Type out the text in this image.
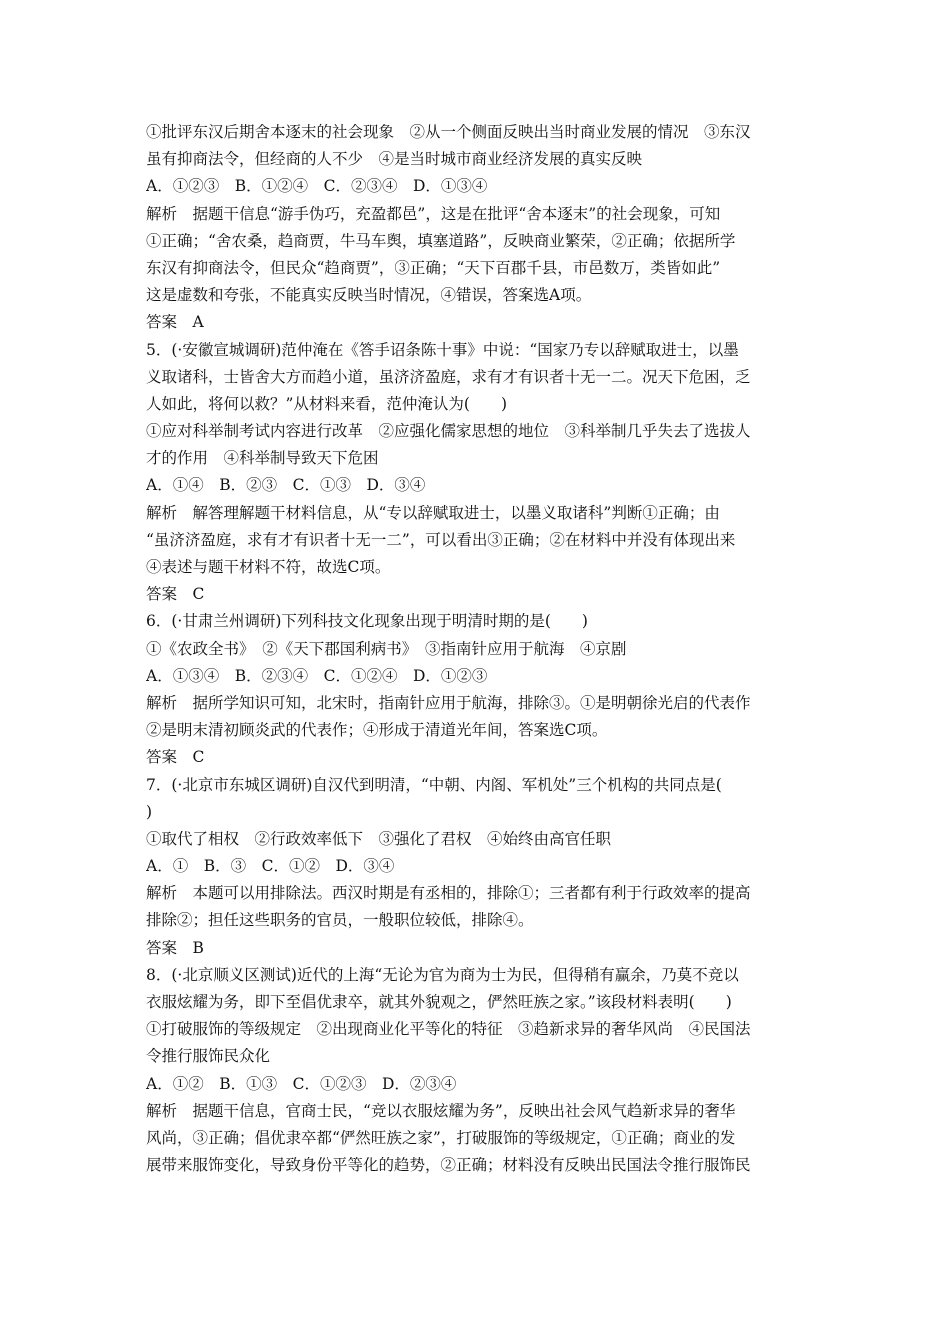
①批评东汉后期舍本逐末的社会现象　②从一个侧面反映出当时商业发展的情况　③东汉
虽有抑商法令，但经商的人不少　④是当时城市商业经济发展的真实反映
A．①②③　B．①②④　C．②③④　D．①③④
解析　据题干信息“游手伪巧，充盈都邑”，这是在批评“舍本逐末”的社会现象，可知
①正确；“舍农桑，趋商贾，牛马车舆，填塞道路”，反映商业繁荣，②正确；依据所学
东汉有抑商法令，但民众“趋商贾”，③正确；“天下百郡千县，市邑数万，类皆如此”
这是虚数和夸张，不能真实反映当时情况，④错误，答案选A项。
答案　A
5．(·安徽宣城调研)范仲淹在《答手诏条陈十事》中说：“国家乃专以辞赋取进士，以墨
义取诸科，士皆舍大方而趋小道，虽济济盈庭，求有才有识者十无一二。况天下危困，乏
人如此，将何以救？”从材料来看，范仲淹认为(　　)
①应对科举制考试内容进行改革　②应强化儒家思想的地位　③科举制几乎失去了选拔人
才的作用　④科举制导致天下危困
A．①④　B．②③　C．①③　D．③④
解析　解答理解题干材料信息，从“专以辞赋取进士，以墨义取诸科”判断①正确；由
“虽济济盈庭，求有才有识者十无一二”，可以看出③正确；②在材料中并没有体现出来
④表述与题干材料不符，故选C项。
答案　C
6．(·甘肃兰州调研)下列科技文化现象出现于明清时期的是(　　)
①《农政全书》　②《天下郡国利病书》　③指南针应用于航海　④京剧
A．①③④　B．②③④　C．①②④　D．①②③
解析　据所学知识可知，北宋时，指南针应用于航海，排除③。①是明朝徐光启的代表作
②是明末清初顾炎武的代表作；④形成于清道光年间，答案选C项。
答案　C
7．(·北京市东城区调研)自汉代到明清，“中朝、内阁、军机处”三个机构的共同点是(
)
①取代了相权　②行政效率低下　③强化了君权　④始终由高官任职
A．①　B．③　C．①②　D．③④
解析　本题可以用排除法。西汉时期是有丞相的，排除①；三者都有利于行政效率的提高
排除②；担任这些职务的官员，一般职位较低，排除④。
答案　B
8．(·北京顺义区测试)近代的上海“无论为官为商为士为民，但得稍有赢余，乃莫不竞以
衣服炫耀为务，即下至倡优隶卒，就其外貌观之，俨然旺族之家。”该段材料表明(　　)
①打破服饰的等级规定　②出现商业化平等化的特征　③趋新求异的奢华风尚　④民国法
令推行服饰民众化
A．①②　B．①③　C．①②③　D．②③④
解析　据题干信息，官商士民，“竞以衣服炫耀为务”，反映出社会风气趋新求异的奢华
风尚，③正确；倡优隶卒都“俨然旺族之家”，打破服饰的等级规定，①正确；商业的发
展带来服饰变化，导致身份平等化的趋势，②正确；材料没有反映出民国法令推行服饰民
